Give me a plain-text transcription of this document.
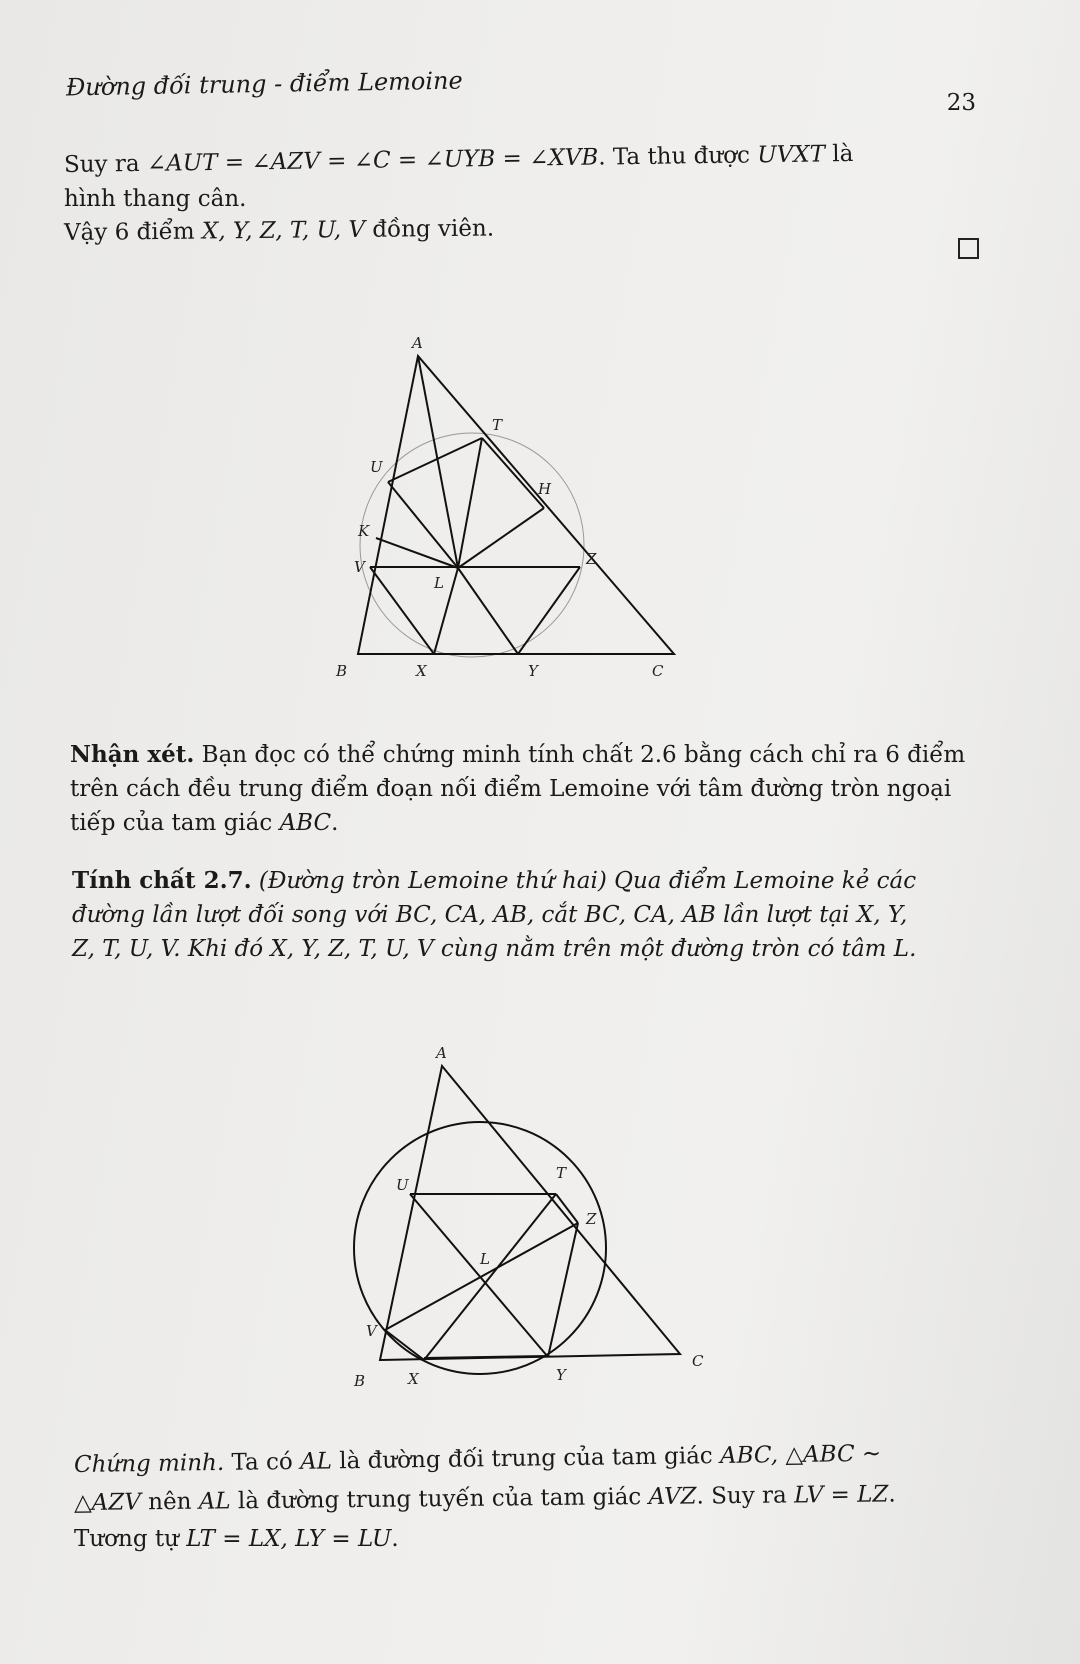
Đường đối trung - điểm Lemoine
23
Suy ra ∠AUT = ∠AZV = ∠C = ∠UYB = ∠XVB. Ta thu được UVXT là
hình thang cân.
Vậy 6 điểm X, Y, Z, T, U, V đồng viên.
A
T
U
H
K
Z
V
L
B	X	Y	C
Nhận xét. Bạn đọc có thể chứng minh tính chất 2.6 bằng cách chỉ ra 6 điểm
trên cách đều trung điểm đoạn nối điểm Lemoine với tâm đường tròn ngoại
tiếp của tam giác ABC.
Tính chất 2.7. (Đường tròn Lemoine thứ hai) Qua điểm Lemoine kẻ các
đường lần lượt đối song với BC, CA, AB, cắt BC, CA, AB lần lượt tại X, Y,
Z, T, U, V. Khi đó X, Y, Z, T, U, V cùng nằm trên một đường tròn có tâm L.
A
U
T
Z
L
V
B	X	Y
C
Chứng minh. Ta có AL là đường đối trung của tam giác ABC, △ABC ∼
△AZV nên AL là đường trung tuyến của tam giác AVZ. Suy ra LV = LZ.
Tương tự LT = LX, LY = LU.
